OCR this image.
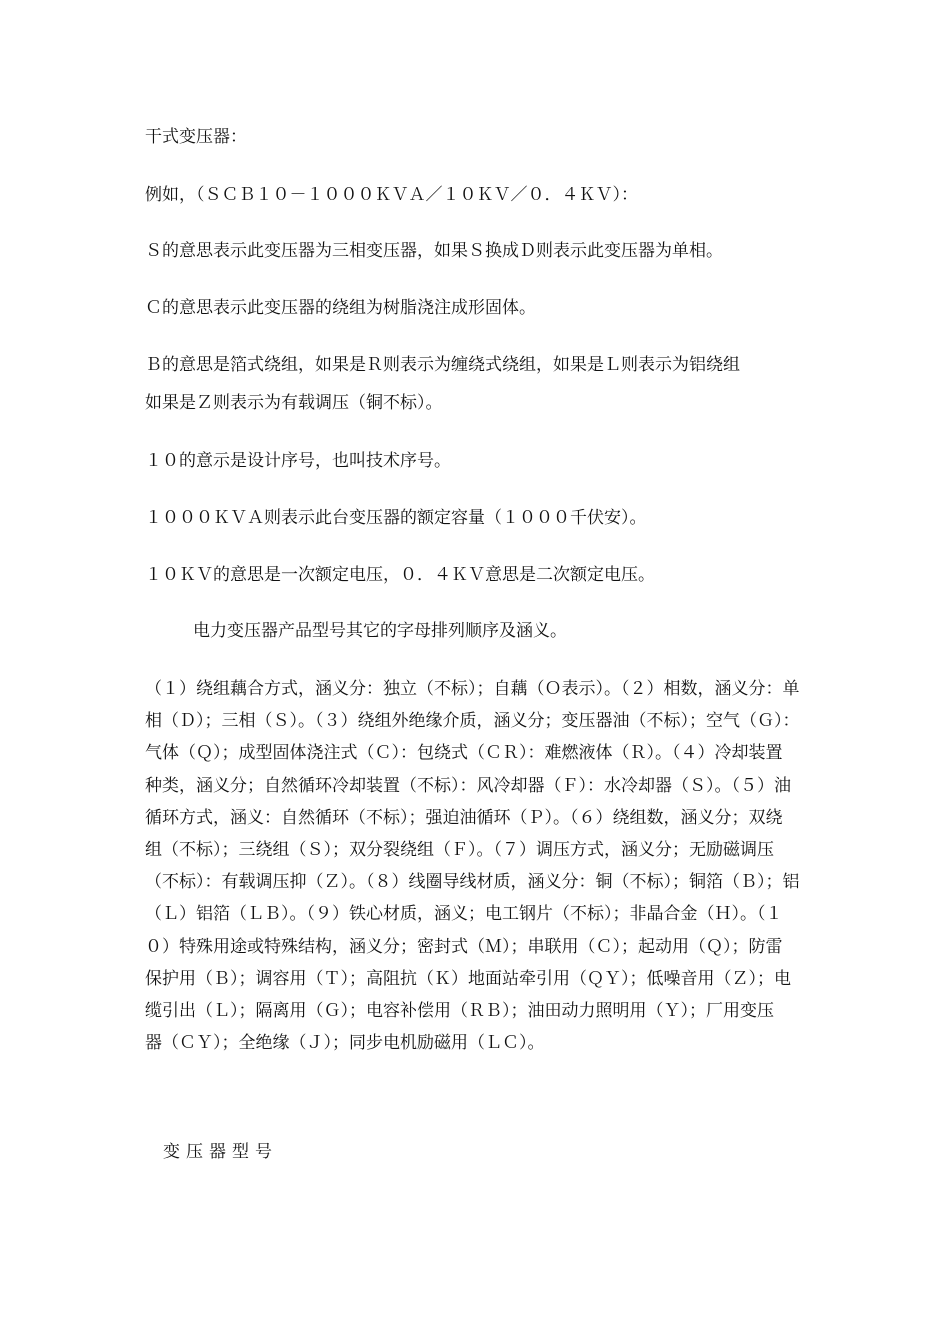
干式变压器：

例如，（ＳＣＢ１０－１０００ＫＶＡ／１０ＫＶ／０．４ＫＶ）：

Ｓ的意思表示此变压器为三相变压器，如果Ｓ换成Ｄ则表示此变压器为单相。

Ｃ的意思表示此变压器的绕组为树脂浇注成形固体。

Ｂ的意思是箔式绕组，如果是Ｒ则表示为缠绕式绕组，如果是Ｌ则表示为铝绕组

如果是Ｚ则表示为有载调压（铜不标）。

１０的意示是设计序号，也叫技术序号。

１０００ＫＶＡ则表示此台变压器的额定容量（１０００千伏安）。

１０ＫＶ的意思是一次额定电压，０．４ＫＶ意思是二次额定电压。

电力变压器产品型号其它的字母排列顺序及涵义。

（１）绕组藕合方式，涵义分：独立（不标）；自藕（Ｏ表示）。（２）相数，涵义分：单
相（Ｄ）；三相（Ｓ）。（３）绕组外绝缘介质，涵义分；变压器油（不标）；空气（Ｇ）：
气体（Ｑ）；成型固体浇注式（Ｃ）：包绕式（ＣＲ）：难燃液体（Ｒ）。（４）冷却装置
种类，涵义分；自然循环冷却装置（不标）：风冷却器（Ｆ）：水冷却器（Ｓ）。（５）油
循环方式，涵义：自然循环（不标）；强迫油循环（Ｐ）。（６）绕组数，涵义分；双绕
组（不标）；三绕组（Ｓ）；双分裂绕组（Ｆ）。（７）调压方式，涵义分；无励磁调压
（不标）：有载调压抑（Ｚ）。（８）线圈导线材质，涵义分：铜（不标）；铜箔（Ｂ）；铝
（Ｌ）铝箔（ＬＢ）。（９）铁心材质，涵义；电工钢片（不标）；非晶合金（Ｈ）。（１
０）特殊用途或特殊结构，涵义分；密封式（Ｍ）；串联用（Ｃ）；起动用（Ｑ）；防雷
保护用（Ｂ）；调容用（Ｔ）；高阻抗（Ｋ）地面站牵引用（ＱＹ）；低噪音用（Ｚ）；电
缆引出（Ｌ）；隔离用（Ｇ）；电容补偿用（ＲＢ）；油田动力照明用（Ｙ）；厂用变压
器（ＣＹ）；全绝缘（Ｊ）；同步电机励磁用（ＬＣ）。

变压器型号
